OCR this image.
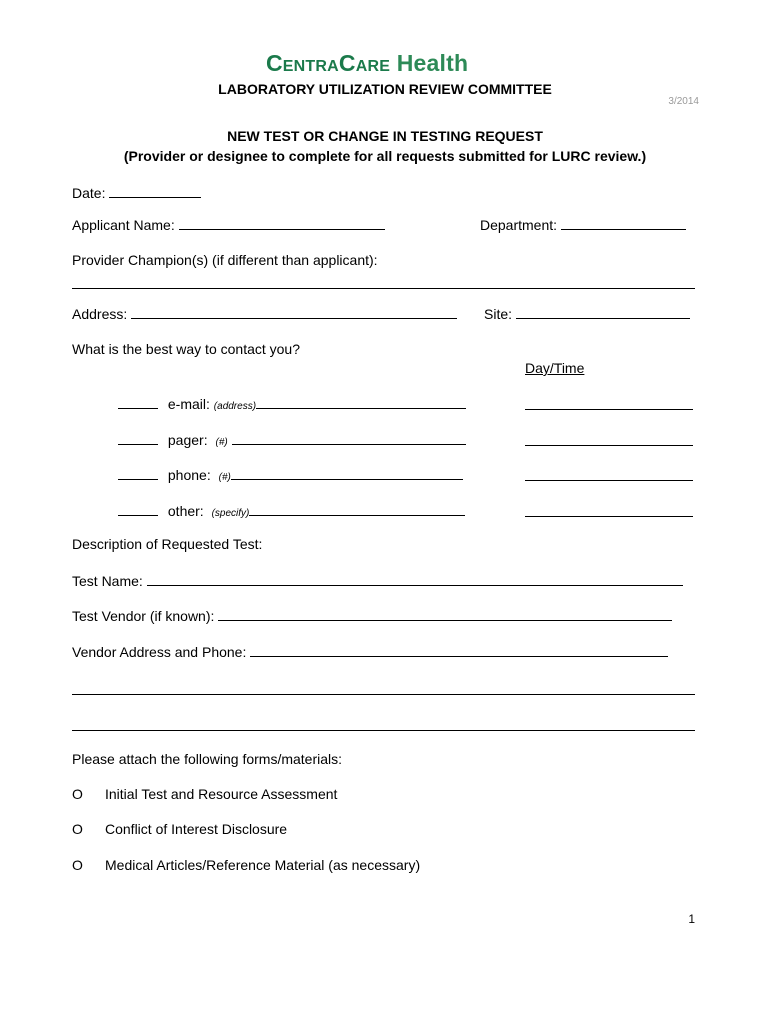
CentraCare Health
LABORATORY UTILIZATION REVIEW COMMITTEE
3/2014
NEW TEST OR CHANGE IN TESTING REQUEST
(Provider or designee to complete for all requests submitted for LURC review.)
Date:
Applicant Name:	Department:
Provider Champion(s) (if different than applicant):
Address:	Site:
What is the best way to contact you?
Day/Time
e-mail: (address)
pager: (#)
phone: (#)
other: (specify)
Description of Requested Test:
Test Name:
Test Vendor (if known):
Vendor Address and Phone:
Please attach the following forms/materials:
O Initial Test and Resource Assessment
O Conflict of Interest Disclosure
O Medical Articles/Reference Material (as necessary)
1
